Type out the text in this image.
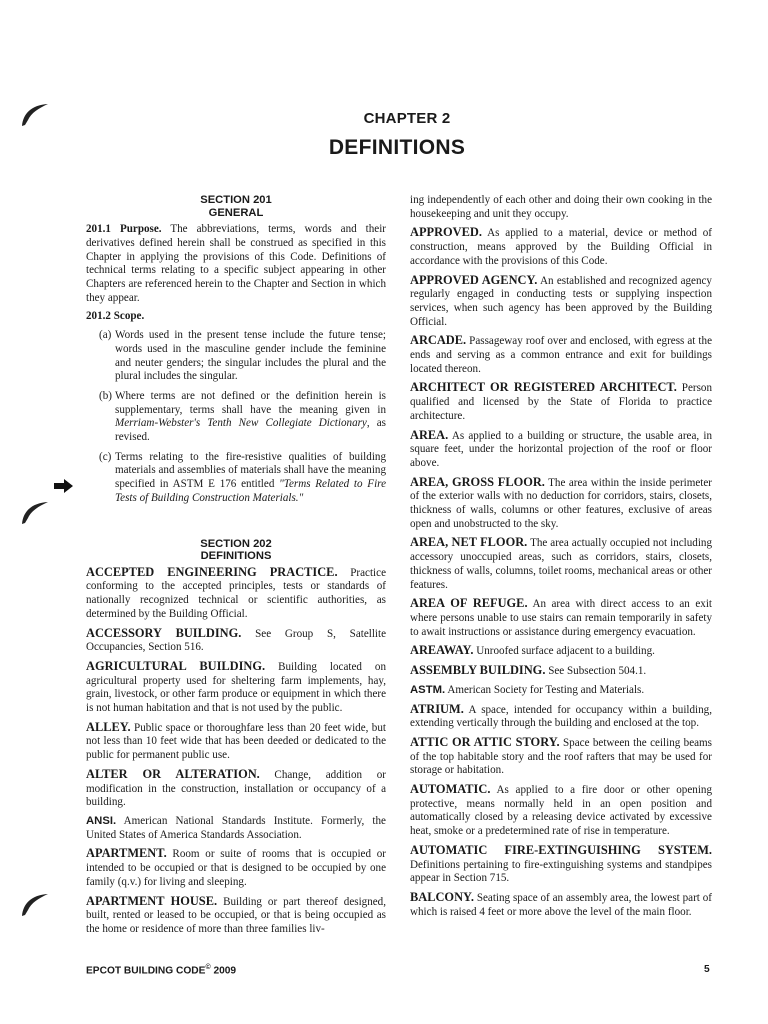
CHAPTER 2
DEFINITIONS
SECTION 201
GENERAL

201.1 Purpose. The abbreviations, terms, words and their derivatives defined herein shall be construed as specified in this Chapter in applying the provisions of this Code. Definitions of technical terms relating to a specific subject appearing in other Chapters are referenced herein to the Chapter and Section in which they appear.

201.2 Scope.

(a) Words used in the present tense include the future tense; words used in the masculine gender include the feminine and neuter genders; the singular includes the plural and the plural includes the singular.
(b) Where terms are not defined or the definition herein is supplementary, terms shall have the meaning given in Merriam-Webster's Tenth New Collegiate Dictionary, as revised.
(c) Terms relating to the fire-resistive qualities of building materials and assemblies of materials shall have the meaning specified in ASTM E 176 entitled "Terms Related to Fire Tests of Building Construction Materials."
SECTION 202
DEFINITIONS

ACCEPTED ENGINEERING PRACTICE. Practice conforming to the accepted principles, tests or standards of nationally recognized technical or scientific authorities, as determined by the Building Official.

ACCESSORY BUILDING. See Group S, Satellite Occupancies, Section 516.

AGRICULTURAL BUILDING. Building located on agricultural property used for sheltering farm implements, hay, grain, livestock, or other farm produce or equipment in which there is not human habitation and that is not used by the public.

ALLEY. Public space or thoroughfare less than 20 feet wide, but not less than 10 feet wide that has been deeded or dedicated to the public for permanent public use.

ALTER OR ALTERATION. Change, addition or modification in the construction, installation or occupancy of a building.

ANSI. American National Standards Institute. Formerly, the United States of America Standards Association.

APARTMENT. Room or suite of rooms that is occupied or intended to be occupied or that is designed to be occupied by one family (q.v.) for living and sleeping.

APARTMENT HOUSE. Building or part thereof designed, built, rented or leased to be occupied, or that is being occupied as the home or residence of more than three families liv-

ing independently of each other and doing their own cooking in the housekeeping and unit they occupy.

APPROVED. As applied to a material, device or method of construction, means approved by the Building Official in accordance with the provisions of this Code.

APPROVED AGENCY. An established and recognized agency regularly engaged in conducting tests or supplying inspection services, when such agency has been approved by the Building Official.

ARCADE. Passageway roof over and enclosed, with egress at the ends and serving as a common entrance and exit for buildings located thereon.

ARCHITECT OR REGISTERED ARCHITECT. Person qualified and licensed by the State of Florida to practice architecture.

AREA. As applied to a building or structure, the usable area, in square feet, under the horizontal projection of the roof or floor above.

AREA, GROSS FLOOR. The area within the inside perimeter of the exterior walls with no deduction for corridors, stairs, closets, thickness of walls, columns or other features, exclusive of areas open and unobstructed to the sky.

AREA, NET FLOOR. The area actually occupied not including accessory unoccupied areas, such as corridors, stairs, closets, thickness of walls, columns, toilet rooms, mechanical areas or other features.

AREA OF REFUGE. An area with direct access to an exit where persons unable to use stairs can remain temporarily in safety to await instructions or assistance during emergency evacuation.

AREAWAY. Unroofed surface adjacent to a building.

ASSEMBLY BUILDING. See Subsection 504.1.

ASTM. American Society for Testing and Materials.

ATRIUM. A space, intended for occupancy within a building, extending vertically through the building and enclosed at the top.

ATTIC OR ATTIC STORY. Space between the ceiling beams of the top habitable story and the roof rafters that may be used for storage or habitation.

AUTOMATIC. As applied to a fire door or other opening protective, means normally held in an open position and automatically closed by a releasing device activated by excessive heat, smoke or a predetermined rate of rise in temperature.

AUTOMATIC FIRE-EXTINGUISHING SYSTEM. Definitions pertaining to fire-extinguishing systems and standpipes appear in Section 715.

BALCONY. Seating space of an assembly area, the lowest part of which is raised 4 feet or more above the level of the main floor.

EPCOT BUILDING CODE© 2009	5
